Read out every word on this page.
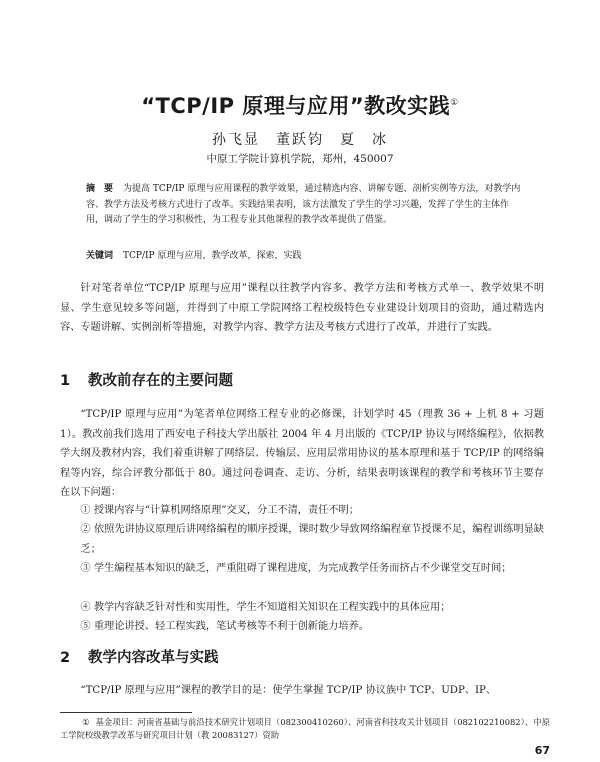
“TCP/IP 原理与应用”教改实践①
孙飞显　董跃钧　夏　冰
中原工学院计算机学院，郑州，450007
摘　要 为提高 TCP/IP 原理与应用课程的教学效果，通过精选内容、讲解专题、剖析实例等方法，对教学内容、教学方法及考核方式进行了改革。实践结果表明，该方法激发了学生的学习兴趣，发挥了学生的主体作用，调动了学生的学习积极性，为工程专业其他课程的教学改革提供了借鉴。
关键词 TCP/IP 原理与应用，教学改革，探索，实践
针对笔者单位“TCP/IP 原理与应用”课程以往教学内容多、教学方法和考核方式单一、教学效果不明显、学生意见较多等问题，并得到了中原工学院网络工程校级特色专业建设计划项目的资助，通过精选内容、专题讲解、实例剖析等措施，对教学内容、教学方法及考核方式进行了改革，并进行了实践。
1 教改前存在的主要问题
“TCP/IP 原理与应用”为笔者单位网络工程专业的必修课，计划学时 45（理教 36 + 上机 8 + 习题 1）。教改前我们选用了西安电子科技大学出版社 2004 年 4 月出版的《TCP/IP 协议与网络编程》，依据教学大纲及教材内容，我们着重讲解了网络层、传输层、应用层常用协议的基本原理和基于 TCP/IP 的网络编程等内容，综合评教分都低于 80。通过问卷调查、走访、分析，结果表明该课程的教学和考核环节主要存在以下问题：
① 授课内容与“计算机网络原理”交叉，分工不清，责任不明；
② 依照先讲协议原理后讲网络编程的顺序授课，课时数少导致网络编程章节授课不足，编程训练明显缺乏；
③ 学生编程基本知识的缺乏，严重阻碍了课程进度，为完成教学任务而挤占不少课堂交互时间；
④ 教学内容缺乏针对性和实用性，学生不知道相关知识在工程实践中的具体应用；
⑤ 重理论讲授、轻工程实践，笔试考核等不利于创新能力培养。
2 教学内容改革与实践
“TCP/IP 原理与应用”课程的教学目的是：使学生掌握 TCP/IP 协议族中 TCP、UDP、IP、
① 基金项目：河南省基础与前沿技术研究计划项目（082300410260）、河南省科技攻关计划项目（082102210082）、中原工学院校级教学改革与研究项目计划（教 20083127）资助
67
